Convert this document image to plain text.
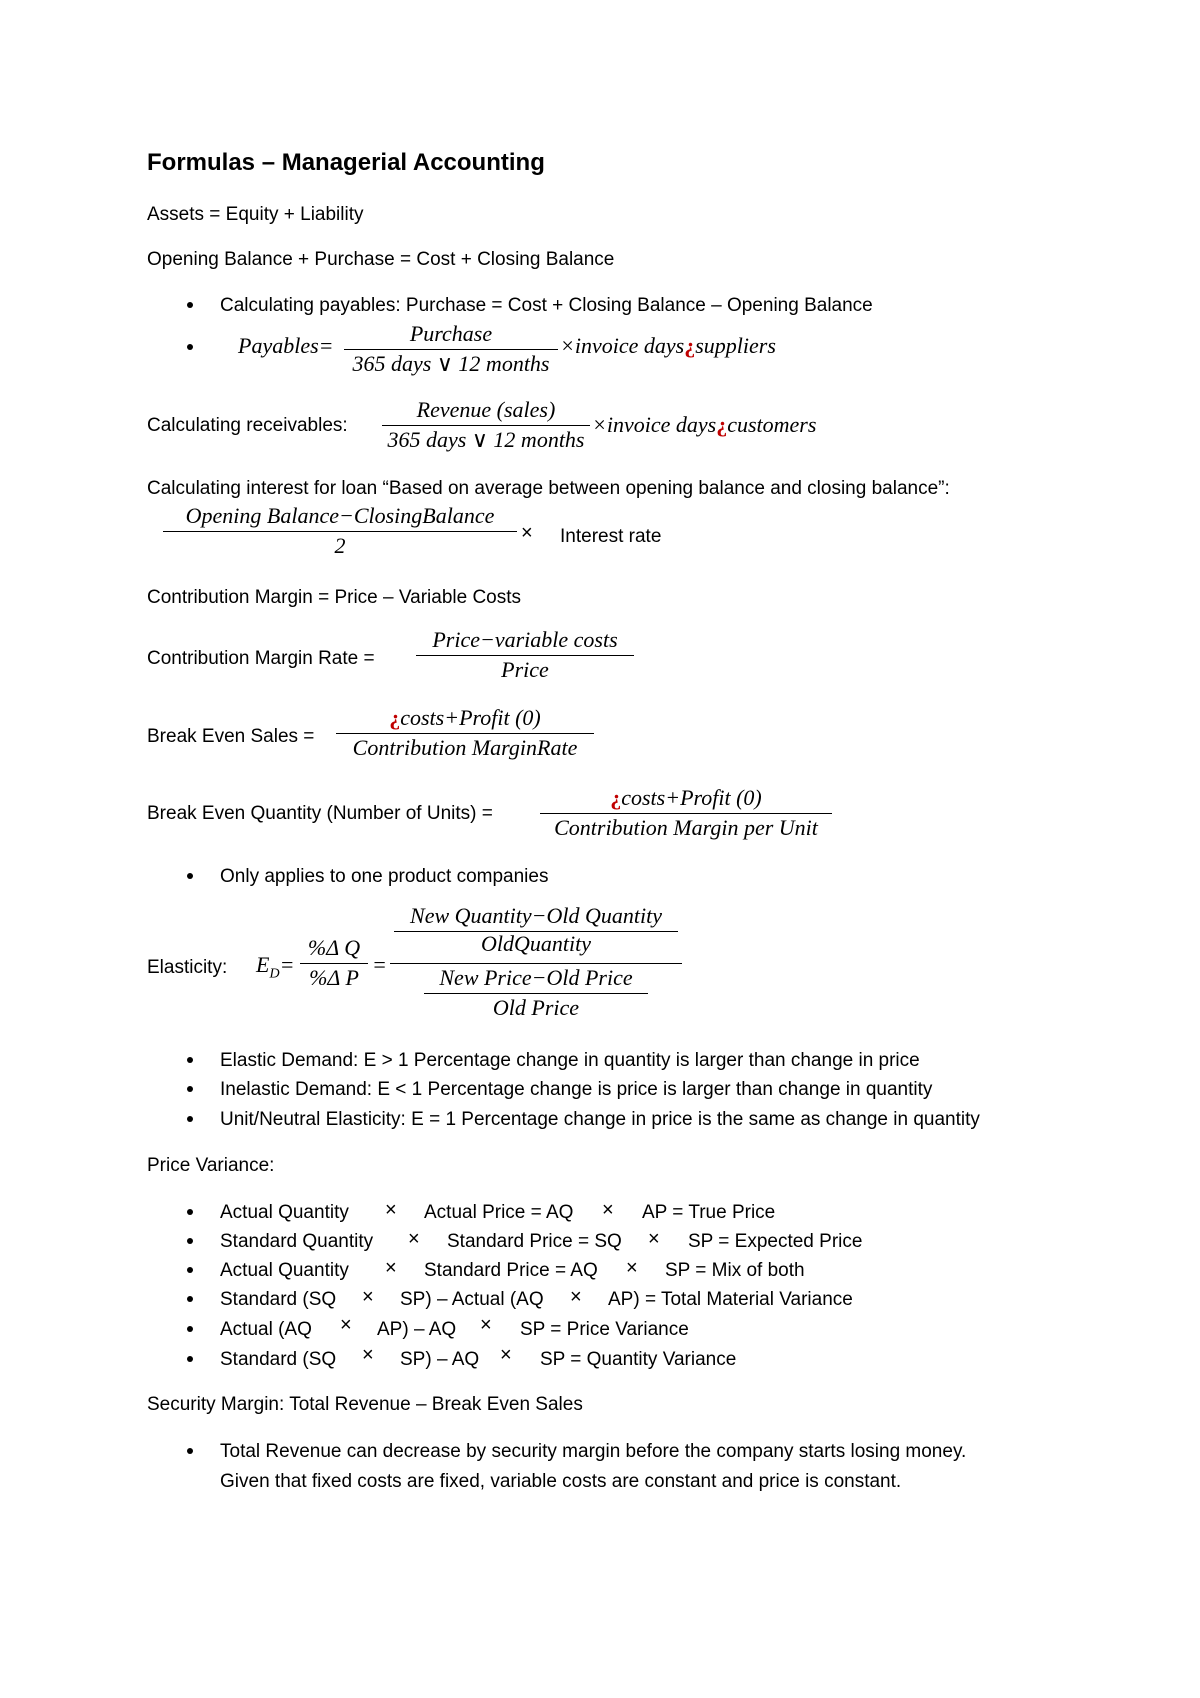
Formulas – Managerial Accounting
Assets = Equity + Liability
Opening Balance + Purchase = Cost + Closing Balance
Calculating payables: Purchase = Cost + Closing Balance – Opening Balance
Payables=	Purchase
365 days ∨ 12 months
×invoice days¿suppliers
Calculating receivables:
Revenue (sales)
365 days ∨ 12 months
×invoice days¿customers
Calculating interest for loan “Based on average between opening balance and closing balance”:
Opening Balance−ClosingBalance
2	× Interest rate
Contribution Margin = Price – Variable Costs
Contribution Margin Rate =
Price−variable costs
Price
Break Even Sales =
¿costs+Profit (0)
Contribution MarginRate
Break Even Quantity (Number of Units) =
¿costs+Profit (0)
Contribution Margin per Unit
Only applies to one product companies
Elasticity: $E_D=$
%Δ Q
%Δ P
=
New Quantity−Old Quantity
OldQuantity
New Price−Old Price
Old Price
Elastic Demand: E > 1 Percentage change in quantity is larger than change in price
Inelastic Demand: E < 1 Percentage change is price is larger than change in quantity
Unit/Neutral Elasticity: E = 1 Percentage change in price is the same as change in quantity
Price Variance:
Actual Quantity × Actual Price = AQ × AP = True Price
Standard Quantity × Standard Price = SQ × SP = Expected Price
Actual Quantity × Standard Price = AQ × SP = Mix of both
Standard (SQ × SP) – Actual (AQ × AP) = Total Material Variance
Actual (AQ × AP) – AQ × SP = Price Variance
Standard (SQ × SP) – AQ × SP = Quantity Variance
Security Margin: Total Revenue – Break Even Sales
Total Revenue can decrease by security margin before the company starts losing money.
Given that fixed costs are fixed, variable costs are constant and price is constant.
